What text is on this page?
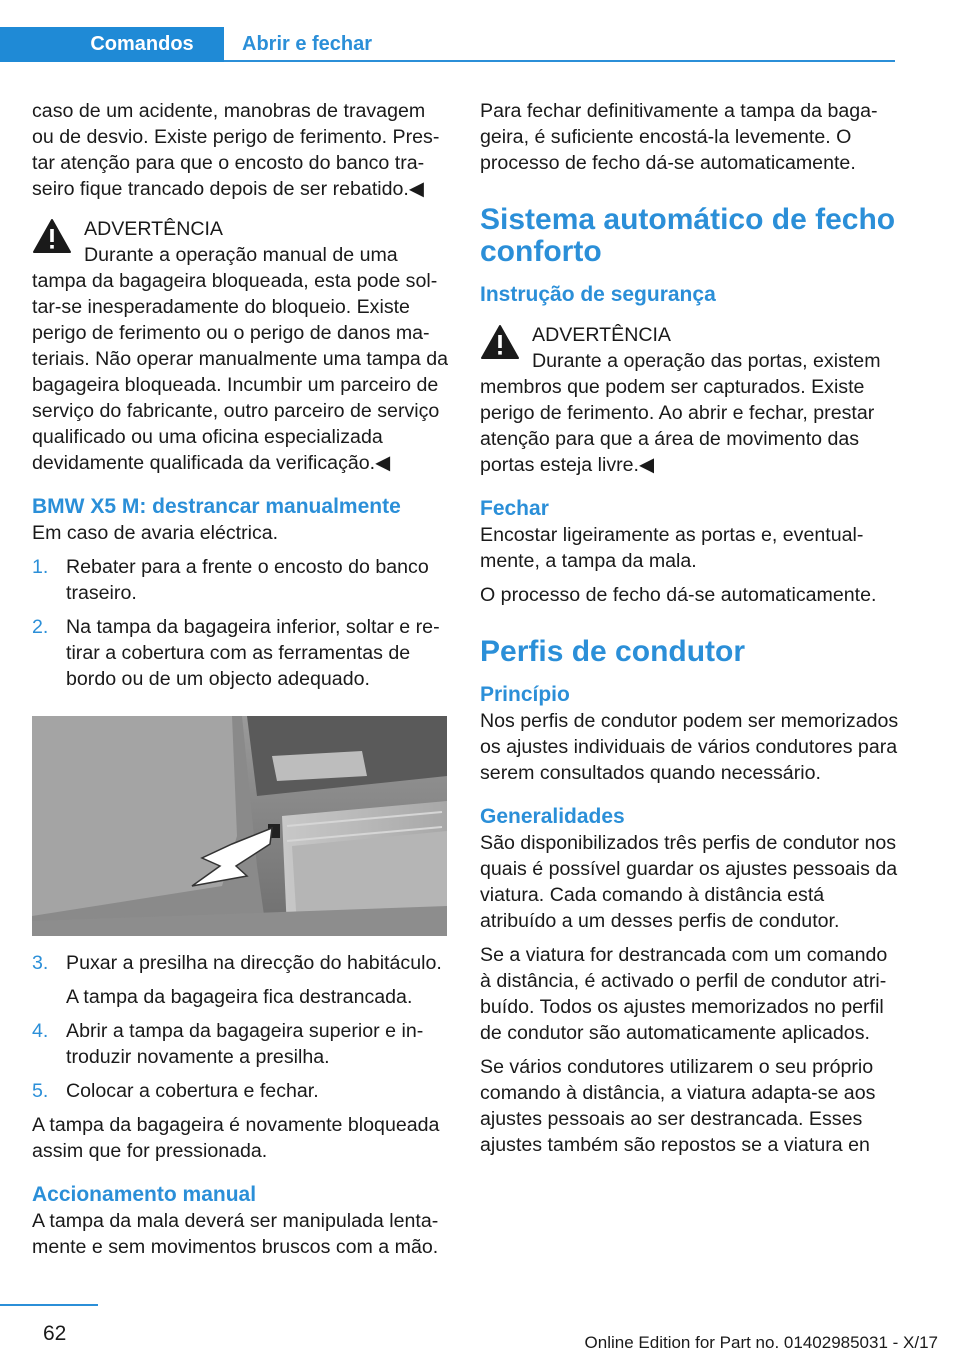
Comandos	Abrir e fechar

caso de um acidente, manobras de travagem ou de desvio. Existe perigo de ferimento. Prestar atenção para que o encosto do banco traseiro fique trancado depois de ser rebatido.◀

ADVERTÊNCIA

Durante a operação manual de uma

tampa da bagageira bloqueada, esta pode soltar-se inesperadamente do bloqueio. Existe perigo de ferimento ou o perigo de danos materiais. Não operar manualmente uma tampa da bagageira bloqueada. Incumbir um parceiro de serviço do fabricante, outro parceiro de serviço qualificado ou uma oficina especializada devidamente qualificada da verificação.◀

BMW X5 M: destrancar manualmente

Em caso de avaria eléctrica.

1. Rebater para a frente o encosto do banco traseiro.
2. Na tampa da bagageira inferior, soltar e retirar a cobertura com as ferramentas de bordo ou de um objecto adequado.
3. Puxar a presilha na direcção do habitáculo.
A tampa da bagageira fica destrancada.
4. Abrir a tampa da bagageira superior e introduzir novamente a presilha.
5. Colocar a cobertura e fechar.

A tampa da bagageira é novamente bloqueada assim que for pressionada.

Accionamento manual

A tampa da mala deverá ser manipulada lentamente e sem movimentos bruscos com a mão.

Para fechar definitivamente a tampa da bagageira, é suficiente encostá-la levemente. O processo de fecho dá-se automaticamente.

Sistema automático de fecho conforto
Instrução de segurança

ADVERTÊNCIA

Durante a operação das portas, existem

membros que podem ser capturados. Existe perigo de ferimento. Ao abrir e fechar, prestar atenção para que a área de movimento das portas esteja livre.◀

Fechar

Encostar ligeiramente as portas e, eventualmente, a tampa da mala.

O processo de fecho dá-se automaticamente.

Perfis de condutor
Princípio

Nos perfis de condutor podem ser memorizados os ajustes individuais de vários condutores para serem consultados quando necessário.

Generalidades

São disponibilizados três perfis de condutor nos quais é possível guardar os ajustes pessoais da viatura. Cada comando à distância está atribuído a um desses perfis de condutor.

Se a viatura for destrancada com um comando à distância, é activado o perfil de condutor atribuído. Todos os ajustes memorizados no perfil de condutor são automaticamente aplicados.

Se vários condutores utilizarem o seu próprio comando à distância, a viatura adapta-se aos ajustes pessoais ao ser destrancada. Esses ajustes também são repostos se a viatura en

62	Online Edition for Part no. 01402985031 - X/17
